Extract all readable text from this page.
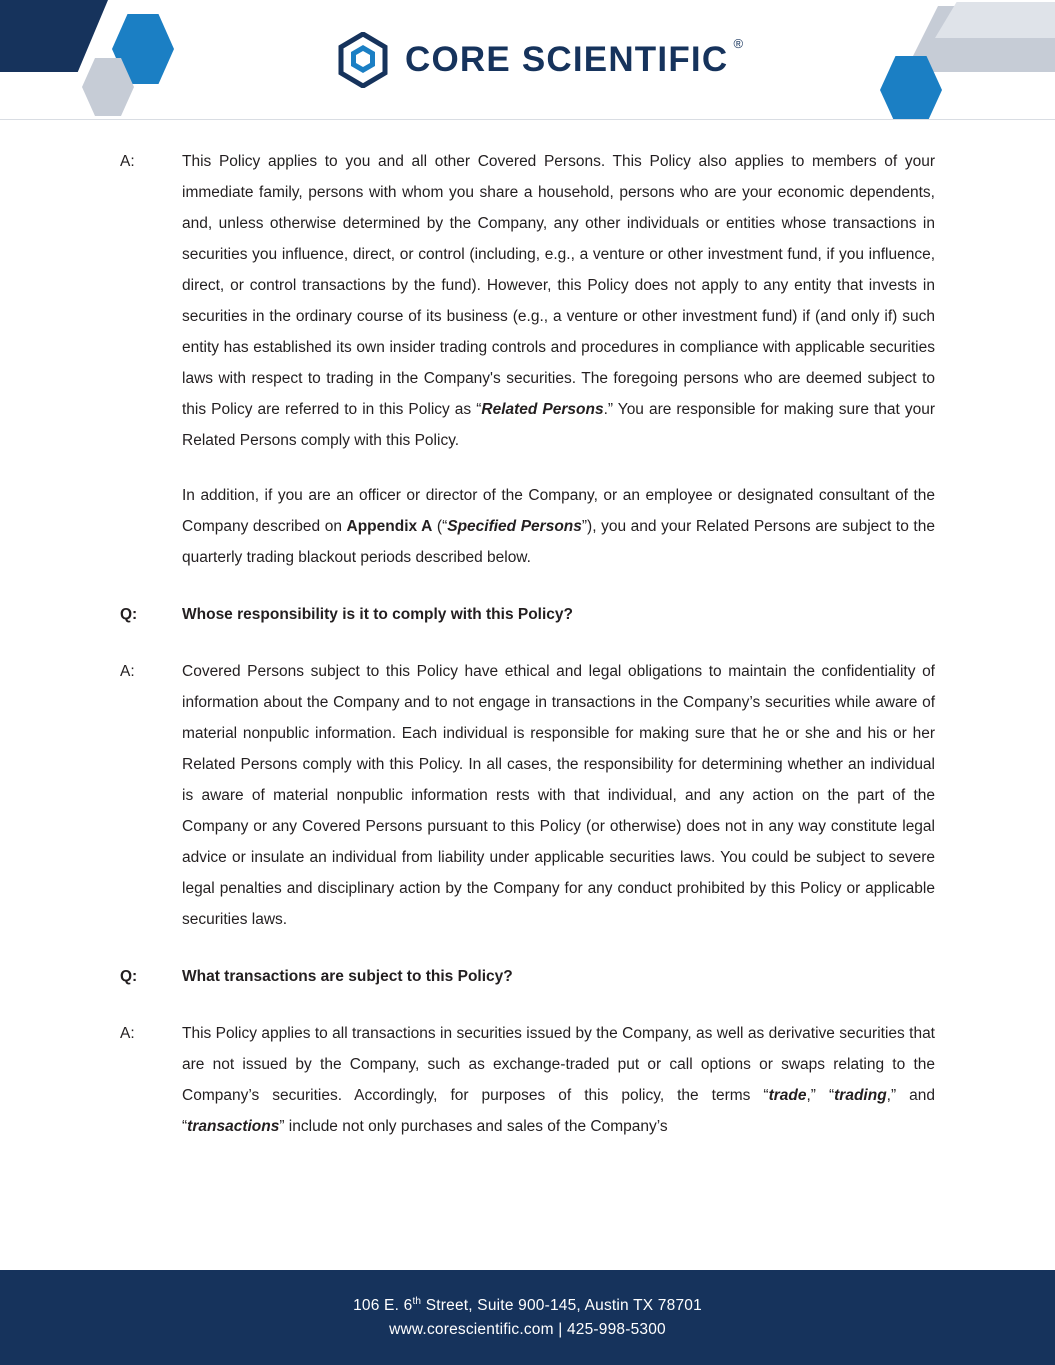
CORE SCIENTIFIC ®
A:	This Policy applies to you and all other Covered Persons. This Policy also applies to members of your immediate family, persons with whom you share a household, persons who are your economic dependents, and, unless otherwise determined by the Company, any other individuals or entities whose transactions in securities you influence, direct, or control (including, e.g., a venture or other investment fund, if you influence, direct, or control transactions by the fund). However, this Policy does not apply to any entity that invests in securities in the ordinary course of its business (e.g., a venture or other investment fund) if (and only if) such entity has established its own insider trading controls and procedures in compliance with applicable securities laws with respect to trading in the Company's securities. The foregoing persons who are deemed subject to this Policy are referred to in this Policy as “Related Persons.” You are responsible for making sure that your Related Persons comply with this Policy.

In addition, if you are an officer or director of the Company, or an employee or designated consultant of the Company described on Appendix A (“Specified Persons”), you and your Related Persons are subject to the quarterly trading blackout periods described below.

Q:	Whose responsibility is it to comply with this Policy?
A:	Covered Persons subject to this Policy have ethical and legal obligations to maintain the confidentiality of information about the Company and to not engage in transactions in the Company’s securities while aware of material nonpublic information. Each individual is responsible for making sure that he or she and his or her Related Persons comply with this Policy. In all cases, the responsibility for determining whether an individual is aware of material nonpublic information rests with that individual, and any action on the part of the Company or any Covered Persons pursuant to this Policy (or otherwise) does not in any way constitute legal advice or insulate an individual from liability under applicable securities laws. You could be subject to severe legal penalties and disciplinary action by the Company for any conduct prohibited by this Policy or applicable securities laws.

Q:	What transactions are subject to this Policy?
A:	This Policy applies to all transactions in securities issued by the Company, as well as derivative securities that are not issued by the Company, such as exchange-traded put or call options or swaps relating to the Company’s securities. Accordingly, for purposes of this policy, the terms “trade,” “trading,” and “transactions” include not only purchases and sales of the Company’s

106 E. 6th Street, Suite 900-145, Austin TX 78701
www.corescientific.com | 425-998-5300
